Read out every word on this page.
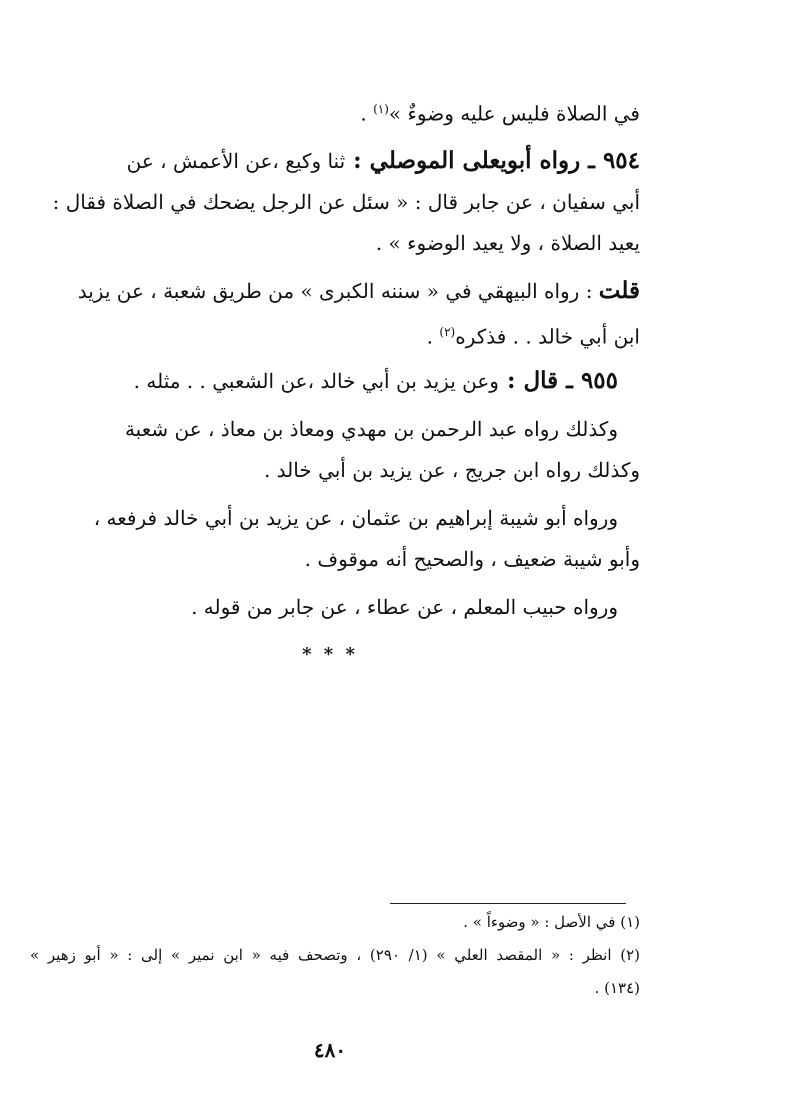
في الصلاة فليس عليه وضوءٌ »$^{(١)}$ .
٩٥٤ ـ رواه أبويعلى الموصلي : ثنا وكيع ،عن الأعمش ، عن
أبي سفيان ، عن جابر قال : « سئل عن الرجل يضحك في الصلاة فقال :
يعيد الصلاة ، ولا يعيد الوضوء » .
قلت : رواه البيهقي في « سننه الكبرى » من طريق شعبة ، عن يزيد
ابن أبي خالد . . فذكره$^{(٢)}$ .
٩٥٥ ـ قال : وعن يزيد بن أبي خالد ،عن الشعبي . . مثله .
وكذلك رواه عبد الرحمن بن مهدي ومعاذ بن معاذ ، عن شعبة
وكذلك رواه ابن جريج ، عن يزيد بن أبي خالد .
ورواه أبو شيبة إبراهيم بن عثمان ، عن يزيد بن أبي خالد فرفعه ،
وأبو شيبة ضعيف ، والصحيح أنه موقوف .
ورواه حبيب المعلم ، عن عطاء ، عن جابر من قوله .
* * *
(١) في الأصل : « وضوءاً » .
(٢) انظر : « المقصد العلي » (١/ ٢٩٠) ، وتصحف فيه « ابن نمير » إلى : « أبو زهير »
(١٣٤) .
٤٨٠
